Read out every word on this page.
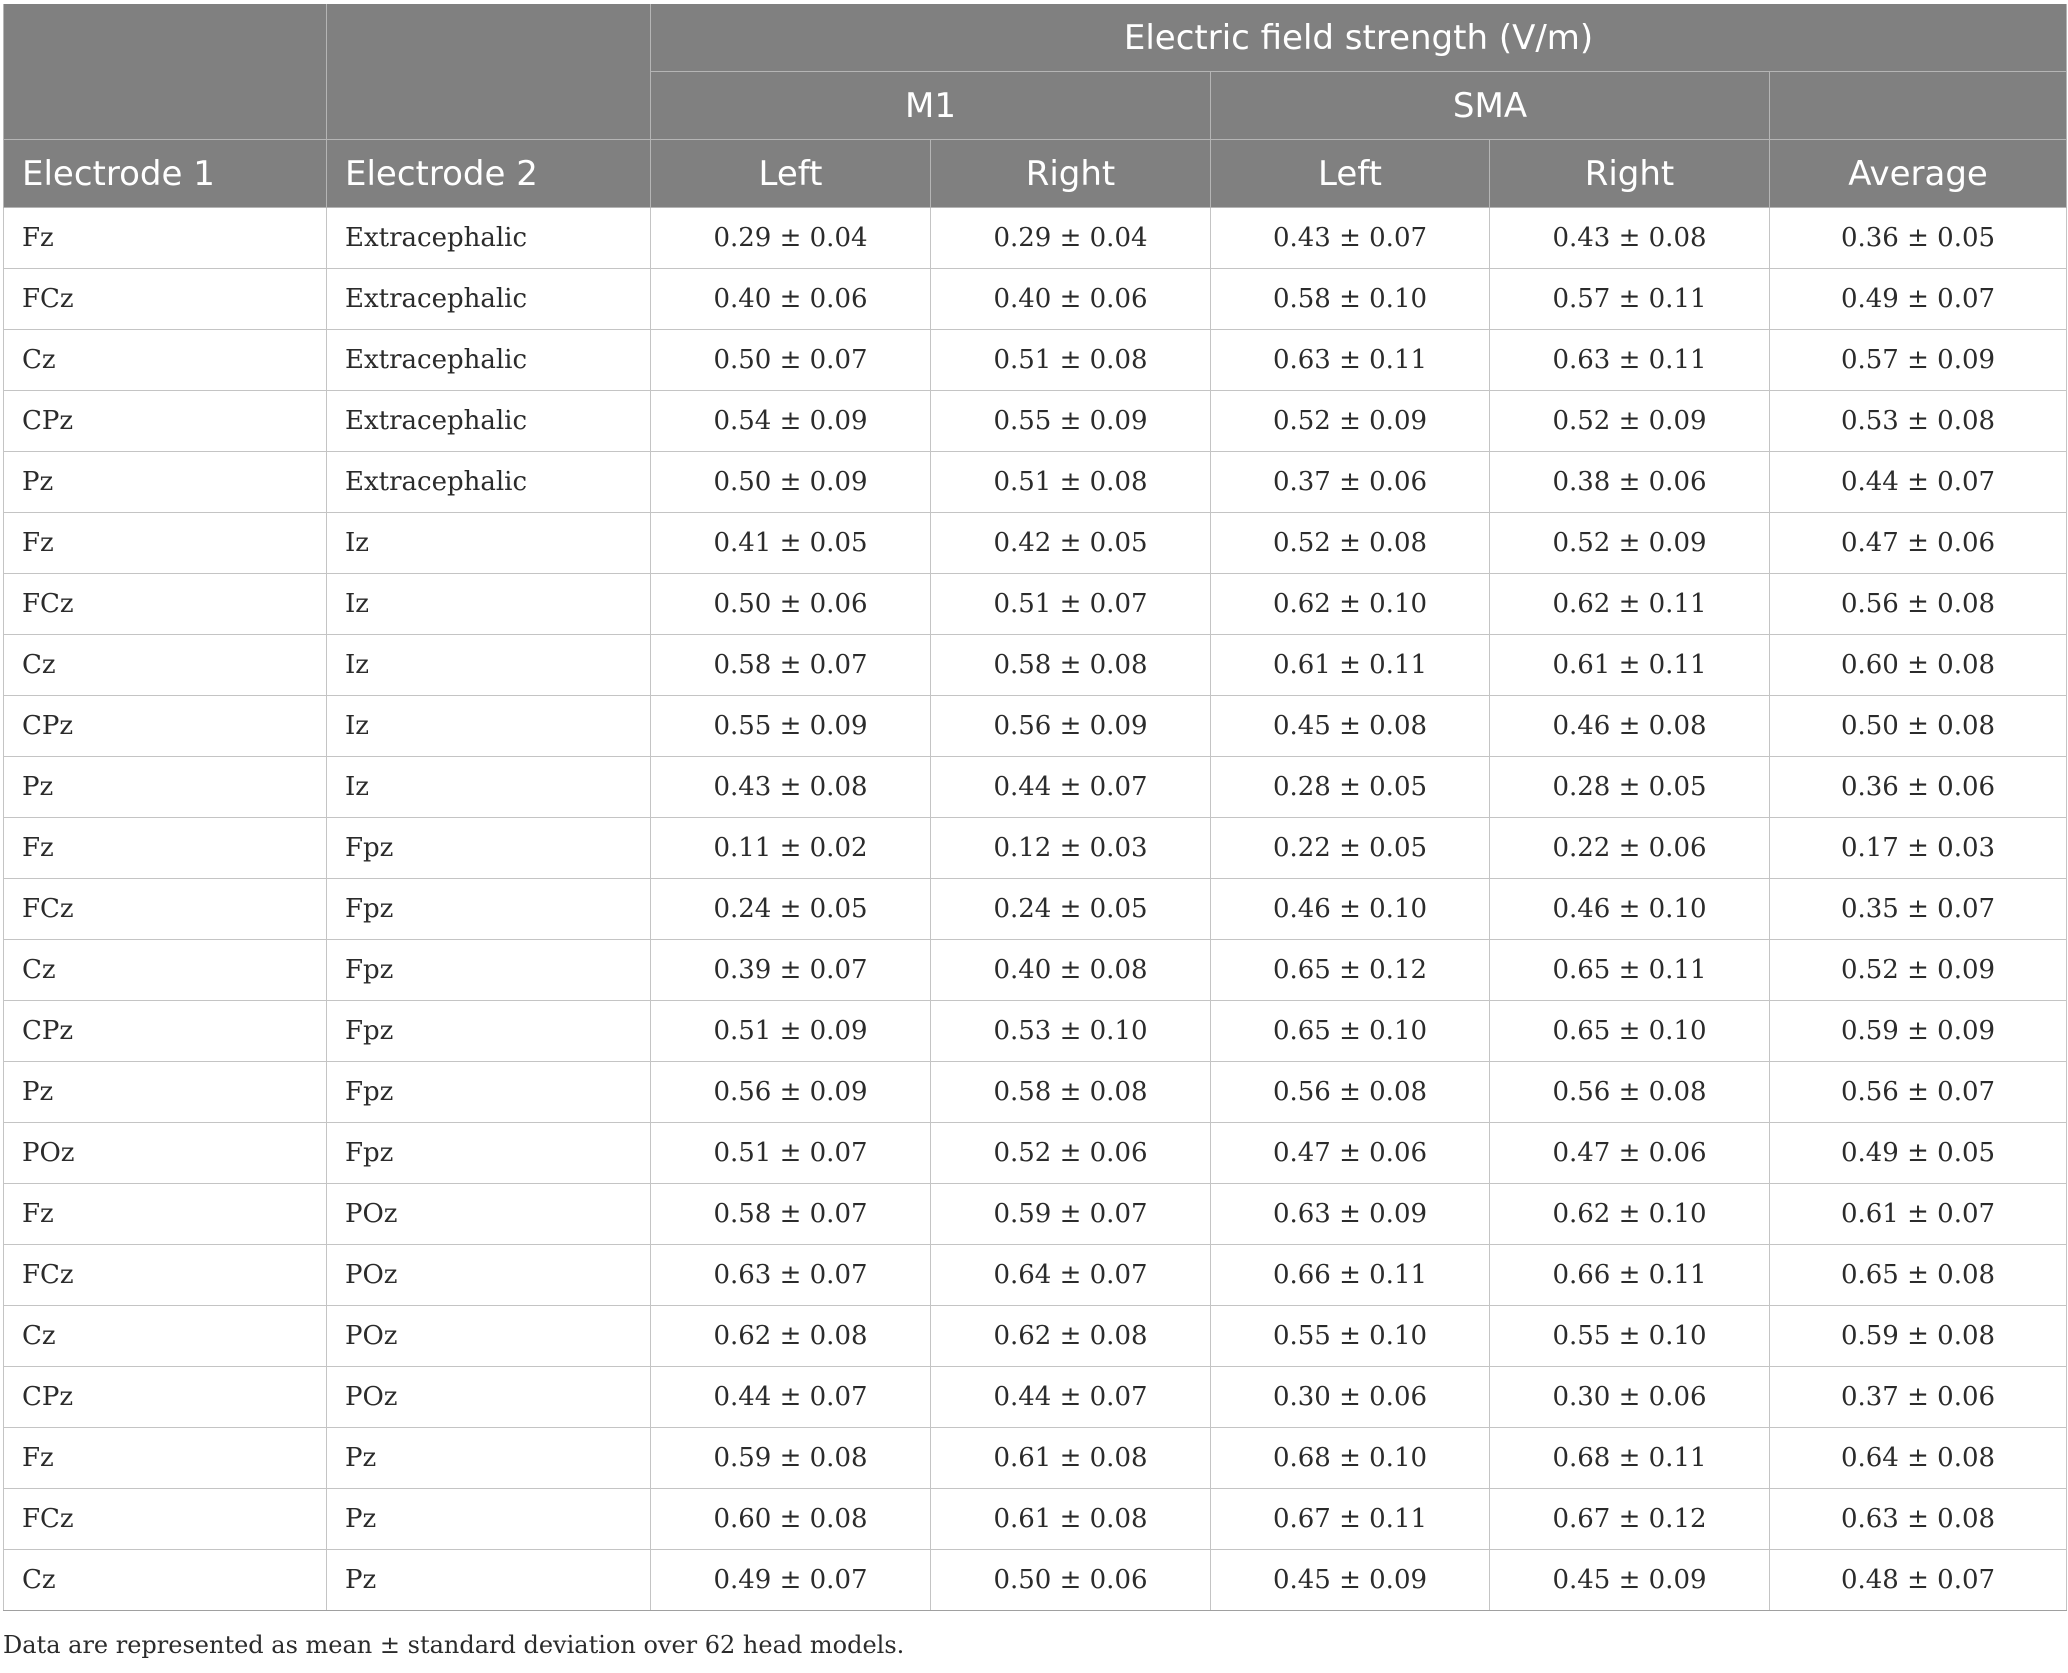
		Electric field strength (V/m)				
		M1		SMA		
Electrode 1	Electrode 2	Left	Right	Left	Right	Average
Fz	Extracephalic	0.29 ± 0.04	0.29 ± 0.04	0.43 ± 0.07	0.43 ± 0.08	0.36 ± 0.05
FCz	Extracephalic	0.40 ± 0.06	0.40 ± 0.06	0.58 ± 0.10	0.57 ± 0.11	0.49 ± 0.07
Cz	Extracephalic	0.50 ± 0.07	0.51 ± 0.08	0.63 ± 0.11	0.63 ± 0.11	0.57 ± 0.09
CPz	Extracephalic	0.54 ± 0.09	0.55 ± 0.09	0.52 ± 0.09	0.52 ± 0.09	0.53 ± 0.08
Pz	Extracephalic	0.50 ± 0.09	0.51 ± 0.08	0.37 ± 0.06	0.38 ± 0.06	0.44 ± 0.07
Fz	Iz	0.41 ± 0.05	0.42 ± 0.05	0.52 ± 0.08	0.52 ± 0.09	0.47 ± 0.06
FCz	Iz	0.50 ± 0.06	0.51 ± 0.07	0.62 ± 0.10	0.62 ± 0.11	0.56 ± 0.08
Cz	Iz	0.58 ± 0.07	0.58 ± 0.08	0.61 ± 0.11	0.61 ± 0.11	0.60 ± 0.08
CPz	Iz	0.55 ± 0.09	0.56 ± 0.09	0.45 ± 0.08	0.46 ± 0.08	0.50 ± 0.08
Pz	Iz	0.43 ± 0.08	0.44 ± 0.07	0.28 ± 0.05	0.28 ± 0.05	0.36 ± 0.06
Fz	Fpz	0.11 ± 0.02	0.12 ± 0.03	0.22 ± 0.05	0.22 ± 0.06	0.17 ± 0.03
FCz	Fpz	0.24 ± 0.05	0.24 ± 0.05	0.46 ± 0.10	0.46 ± 0.10	0.35 ± 0.07
Cz	Fpz	0.39 ± 0.07	0.40 ± 0.08	0.65 ± 0.12	0.65 ± 0.11	0.52 ± 0.09
CPz	Fpz	0.51 ± 0.09	0.53 ± 0.10	0.65 ± 0.10	0.65 ± 0.10	0.59 ± 0.09
Pz	Fpz	0.56 ± 0.09	0.58 ± 0.08	0.56 ± 0.08	0.56 ± 0.08	0.56 ± 0.07
POz	Fpz	0.51 ± 0.07	0.52 ± 0.06	0.47 ± 0.06	0.47 ± 0.06	0.49 ± 0.05
Fz	POz	0.58 ± 0.07	0.59 ± 0.07	0.63 ± 0.09	0.62 ± 0.10	0.61 ± 0.07
FCz	POz	0.63 ± 0.07	0.64 ± 0.07	0.66 ± 0.11	0.66 ± 0.11	0.65 ± 0.08
Cz	POz	0.62 ± 0.08	0.62 ± 0.08	0.55 ± 0.10	0.55 ± 0.10	0.59 ± 0.08
CPz	POz	0.44 ± 0.07	0.44 ± 0.07	0.30 ± 0.06	0.30 ± 0.06	0.37 ± 0.06
Fz	Pz	0.59 ± 0.08	0.61 ± 0.08	0.68 ± 0.10	0.68 ± 0.11	0.64 ± 0.08
FCz	Pz	0.60 ± 0.08	0.61 ± 0.08	0.67 ± 0.11	0.67 ± 0.12	0.63 ± 0.08
Cz	Pz	0.49 ± 0.07	0.50 ± 0.06	0.45 ± 0.09	0.45 ± 0.09	0.48 ± 0.07
Data are represented as mean ± standard deviation over 62 head models.
